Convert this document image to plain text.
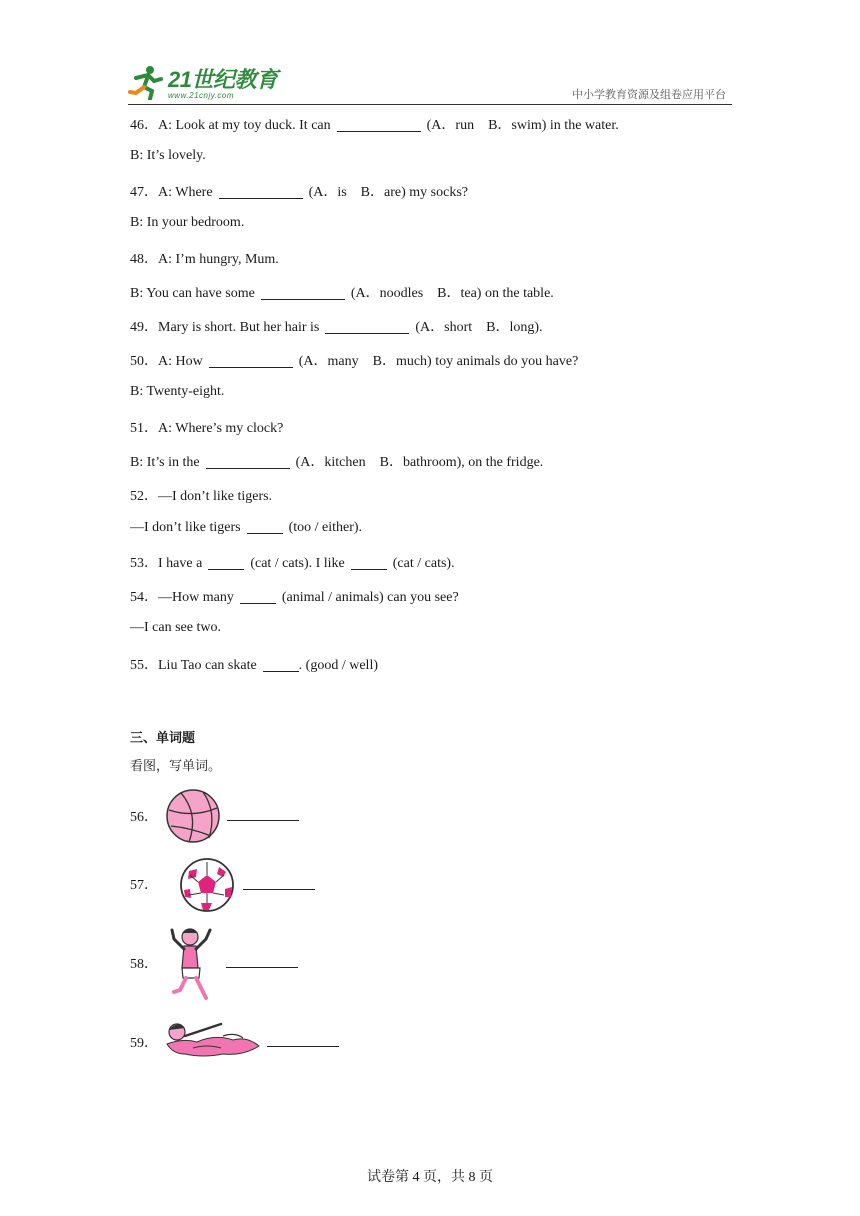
21世纪教育
www.21cnjy.com	中小学教育资源及组卷应用平台
46．A: Look at my toy duck. It can	(A．run　B．swim) in the water.
B: It’s lovely.
47．A: Where	(A．is　B．are) my socks?
B: In your bedroom.
48．A: I’m hungry, Mum.
B: You can have some	(A．noodles　B．tea) on the table.
49．Mary is short. But her hair is	(A．short　B．long).
50．A: How	(A．many　B．much) toy animals do you have?
B: Twenty-eight.
51．A: Where’s my clock?
B: It’s in the	(A．kitchen　B．bathroom), on the fridge.
52．—I don’t like tigers.
—I don’t like tigers	(too / either).
53．I have a	(cat / cats). I like	(cat / cats).
54．—How many	(animal / animals) can you see?
—I can see two.
55．Liu Tao can skate	. (good / well)
三、单词题
看图，写单词。
56．
57．
58．
59．
试卷第 4 页，共 8 页
